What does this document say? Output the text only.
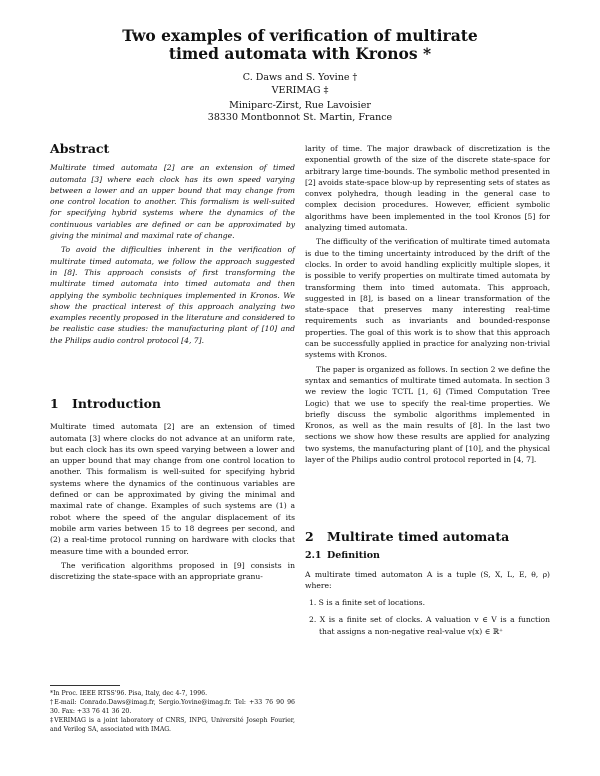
Two examples of verification of multirate
timed automata with Kronos *
C. Daws and S. Yovine †
VERIMAG ‡
Miniparc-Zirst, Rue Lavoisier
38330 Montbonnot St. Martin, France
Abstract

Multirate timed automata [2] are an extension of timed automata [3] where each clock has its own speed varying between a lower and an upper bound that may change from one control location to another. This formalism is well-suited for specifying hybrid systems where the dynamics of the continuous variables are defined or can be approximated by giving the minimal and maximal rate of change.

To avoid the difficulties inherent in the verification of multirate timed automata, we follow the approach suggested in [8]. This approach consists of first transforming the multirate timed automata into timed automata and then applying the symbolic techniques implemented in Kronos. We show the practical interest of this approach analyzing two examples recently proposed in the literature and considered to be realistic case studies: the manufacturing plant of [10] and the Philips audio control protocol [4, 7].

1 Introduction

Multirate timed automata [2] are an extension of timed automata [3] where clocks do not advance at an uniform rate, but each clock has its own speed varying between a lower and an upper bound that may change from one control location to another. This formalism is well-suited for specifying hybrid systems where the dynamics of the continuous variables are defined or can be approximated by giving the minimal and maximal rate of change. Examples of such systems are (1) a robot where the speed of the angular displacement of its mobile arm varies between 15 to 18 degrees per second, and (2) a real-time protocol running on hardware with clocks that measure time with a bounded error.

The verification algorithms proposed in [9] consists in discretizing the state-space with an appropriate granu-

*In Proc. IEEE RTSS'96. Pisa, Italy, dec 4-7, 1996.

†E-mail: Conrado.Daws@imag.fr, Sergio.Yovine@imag.fr. Tel: +33 76 90 96 30. Fax: +33 76 41 36 20.

‡VERIMAG is a joint laboratory of CNRS, INPG, Université Joseph Fourier, and Verilog SA, associated with IMAG.

larity of time. The major drawback of discretization is the exponential growth of the size of the discrete state-space for arbitrary large time-bounds. The symbolic method presented in [2] avoids state-space blow-up by representing sets of states as convex polyhedra, though leading in the general case to complex decision procedures. However, efficient symbolic algorithms have been implemented in the tool Kronos [5] for analyzing timed automata.

The difficulty of the verification of multirate timed automata is due to the timing uncertainty introduced by the drift of the clocks. In order to avoid handling explicitly multiple slopes, it is possible to verify properties on multirate timed automata by transforming them into timed automata. This approach, suggested in [8], is based on a linear transformation of the state-space that preserves many interesting real-time requirements such as invariants and bounded-response properties. The goal of this work is to show that this approach can be successfully applied in practice for analyzing non-trivial systems with Kronos.

The paper is organized as follows. In section 2 we define the syntax and semantics of multirate timed automata. In section 3 we review the logic TCTL [1, 6] (Timed Computation Tree Logic) that we use to specify the real-time properties. We briefly discuss the symbolic algorithms implemented in Kronos, as well as the main results of [8]. In the last two sections we show how these results are applied for analyzing two systems, the manufacturing plant of [10], and the physical layer of the Philips audio control protocol reported in [4, 7].

2 Multirate timed automata
2.1 Definition

A multirate timed automaton A is a tuple (S, X, L, E, θ, ρ) where:

1. S is a finite set of locations.

2. X is a finite set of clocks. A valuation v ∈ V is a function that assigns a non-negative real-value v(x) ∈ ℝ⁺
